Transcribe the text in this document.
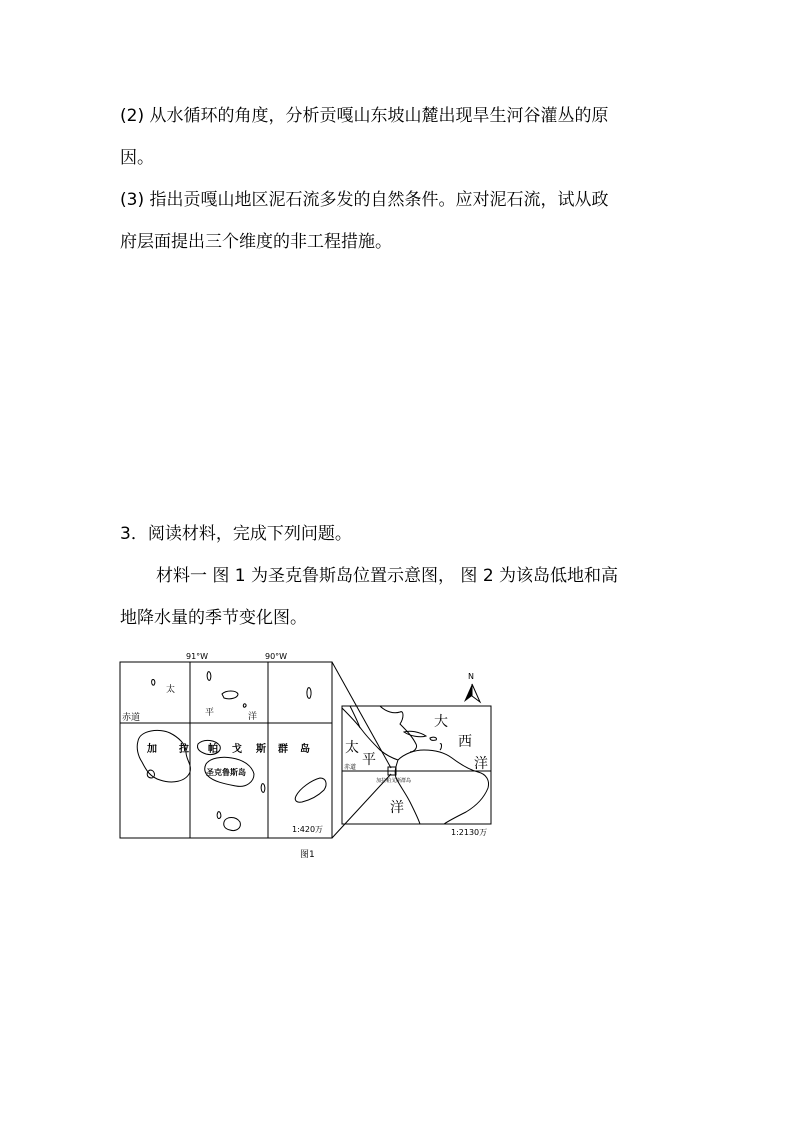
(2) 从水循环的角度，分析贡嘎山东坡山麓出现旱生河谷灌丛的原
因。
(3) 指出贡嘎山地区泥石流多发的自然条件。应对泥石流，试从政
府层面提出三个维度的非工程措施。
3．阅读材料，完成下列问题。
材料一 图 1 为圣克鲁斯岛位置示意图， 图 2 为该岛低地和高
地降水量的季节变化图。
91°W	90°W
赤道
太
平	洋
加 拉 帕 戈 斯 群 岛
圣克鲁斯岛
1:420万
N
大
西
洋
太
平
洋
赤道
加拉帕戈斯群岛
1:2130万
图1
